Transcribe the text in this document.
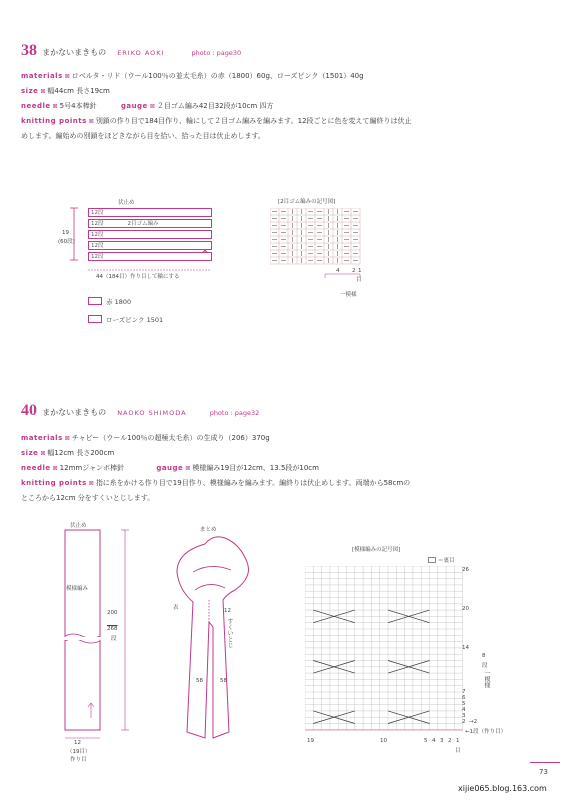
38 まかないまきもの ERIKO AOKI	photo : page30
materials ⊠ ロベルタ・リド（ウール100％の並太毛糸）の赤（1800）60g、ローズピンク（1501）40g
size ⊠ 幅44cm 長さ19cm
needle ⊠ 5号4本棒針	gauge ⊠ ２目ゴム編み42目32段が10cm 四方
knitting points ⊠ 別鎖の作り目で184目作り、輪にして２目ゴム編みを編みます。12段ごとに色を変えて編終りは伏止
めします。編始めの別鎖をほどきながら目を拾い、拾った目は伏止めします。
伏止め
19
(60段)
12段
12段	2目ゴム編み
12段
12段
12段
44（184目）作り目して輪にする
赤 1800
ローズピンク 1501
[2目ゴム編みの記号図]
4 2 1
目
一模様
40 まかないまきもの NAOKO SHIMODA	photo : page32
materials ⊠ チャビー（ウール100％の超極太毛糸）の生成り（206）370g
size ⊠ 幅12cm 長さ200cm
needle ⊠ 12mmジャンボ棒針	gauge ⊠ 模様編み19目が12cm、13.5段が10cm
knitting points ⊠ 指に糸をかける作り目で19目作り、模様編みを編みます。編終りは伏止めします。両端から58cmの
ところから12cm 分をすくいとじします。
伏止め
模様編み
200
268
段
12
（19目）
作り目
まとめ
表	12
すくいとじ
58	58
[模様編みの記号図]
＝裏目
26
20
14
7
6
5
4
3
2
8
段
一模様
→2
←1段（作り目）
19	10	5 4 3 2 1
目
73
xijie065.blog.163.com
